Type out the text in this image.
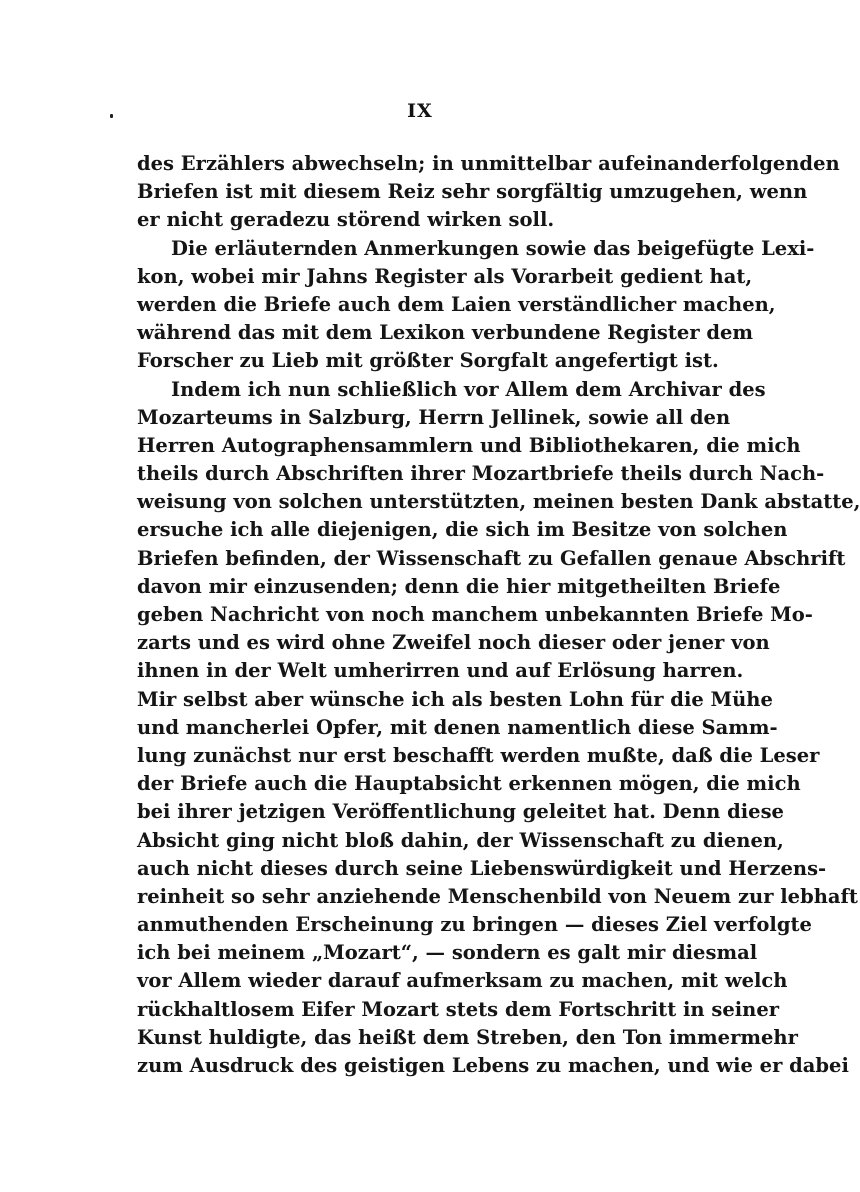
IX
des Erzählers abwechseln; in unmittelbar aufeinanderfolgenden
Briefen ist mit diesem Reiz sehr sorgfältig umzugehen, wenn
er nicht geradezu störend wirken soll.
Die erläuternden Anmerkungen sowie das beigefügte Lexi-
kon, wobei mir Jahns Register als Vorarbeit gedient hat,
werden die Briefe auch dem Laien verständlicher machen,
während das mit dem Lexikon verbundene Register dem
Forscher zu Lieb mit größter Sorgfalt angefertigt ist.
Indem ich nun schließlich vor Allem dem Archivar des
Mozarteums in Salzburg, Herrn Jellinek, sowie all den
Herren Autographensammlern und Bibliothekaren, die mich
theils durch Abschriften ihrer Mozartbriefe theils durch Nach-
weisung von solchen unterstützten, meinen besten Dank abstatte,
ersuche ich alle diejenigen, die sich im Besitze von solchen
Briefen befinden, der Wissenschaft zu Gefallen genaue Abschrift
davon mir einzusenden; denn die hier mitgetheilten Briefe
geben Nachricht von noch manchem unbekannten Briefe Mo-
zarts und es wird ohne Zweifel noch dieser oder jener von
ihnen in der Welt umherirren und auf Erlösung harren.
Mir selbst aber wünsche ich als besten Lohn für die Mühe
und mancherlei Opfer, mit denen namentlich diese Samm-
lung zunächst nur erst beschafft werden mußte, daß die Leser
der Briefe auch die Hauptabsicht erkennen mögen, die mich
bei ihrer jetzigen Veröffentlichung geleitet hat. Denn diese
Absicht ging nicht bloß dahin, der Wissenschaft zu dienen,
auch nicht dieses durch seine Liebenswürdigkeit und Herzens-
reinheit so sehr anziehende Menschenbild von Neuem zur lebhaft
anmuthenden Erscheinung zu bringen — dieses Ziel verfolgte
ich bei meinem „Mozart“, — sondern es galt mir diesmal
vor Allem wieder darauf aufmerksam zu machen, mit welch
rückhaltlosem Eifer Mozart stets dem Fortschritt in seiner
Kunst huldigte, das heißt dem Streben, den Ton immermehr
zum Ausdruck des geistigen Lebens zu machen, und wie er dabei
